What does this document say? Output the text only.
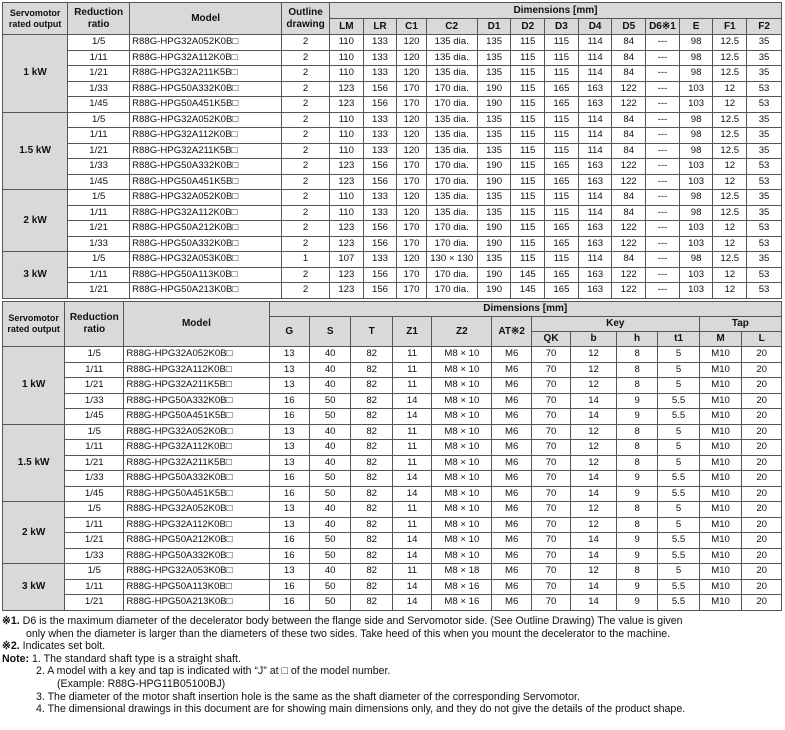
Servomotor
rated output	Reduction
ratio	Model	Outline
drawing	Dimensions [mm]												
				LM	LR	C1	C2	D1	D2	D3	D4	D5	D6※1	E	F1	F2
1 kW	1/5	R88G-HPG32A052K0B□	2	110	133	120	135 dia.	135	115	115	114	84	---	98	12.5	35
	1/11	R88G-HPG32A112K0B□	2	110	133	120	135 dia.	135	115	115	114	84	---	98	12.5	35
	1/21	R88G-HPG32A211K5B□	2	110	133	120	135 dia.	135	115	115	114	84	---	98	12.5	35
	1/33	R88G-HPG50A332K0B□	2	123	156	170	170 dia.	190	115	165	163	122	---	103	12	53
	1/45	R88G-HPG50A451K5B□	2	123	156	170	170 dia.	190	115	165	163	122	---	103	12	53
1.5 kW	1/5	R88G-HPG32A052K0B□	2	110	133	120	135 dia.	135	115	115	114	84	---	98	12.5	35
	1/11	R88G-HPG32A112K0B□	2	110	133	120	135 dia.	135	115	115	114	84	---	98	12.5	35
	1/21	R88G-HPG32A211K5B□	2	110	133	120	135 dia.	135	115	115	114	84	---	98	12.5	35
	1/33	R88G-HPG50A332K0B□	2	123	156	170	170 dia.	190	115	165	163	122	---	103	12	53
	1/45	R88G-HPG50A451K5B□	2	123	156	170	170 dia.	190	115	165	163	122	---	103	12	53
2 kW	1/5	R88G-HPG32A052K0B□	2	110	133	120	135 dia.	135	115	115	114	84	---	98	12.5	35
	1/11	R88G-HPG32A112K0B□	2	110	133	120	135 dia.	135	115	115	114	84	---	98	12.5	35
	1/21	R88G-HPG50A212K0B□	2	123	156	170	170 dia.	190	115	165	163	122	---	103	12	53
	1/33	R88G-HPG50A332K0B□	2	123	156	170	170 dia.	190	115	165	163	122	---	103	12	53
3 kW	1/5	R88G-HPG32A053K0B□	1	107	133	120	130 × 130	135	115	115	114	84	---	98	12.5	35
	1/11	R88G-HPG50A113K0B□	2	123	156	170	170 dia.	190	145	165	163	122	---	103	12	53
	1/21	R88G-HPG50A213K0B□	2	123	156	170	170 dia.	190	145	165	163	122	---	103	12	53
Servomotor
rated output	Reduction
ratio	Model	Dimensions [mm]											
			G	S	T	Z1	Z2	AT※2	Key				Tap	
									QK	b	h	t1	M	L
1 kW	1/5	R88G-HPG32A052K0B□	13	40	82	11	M8 × 10	M6	70	12	8	5	M10	20
	1/11	R88G-HPG32A112K0B□	13	40	82	11	M8 × 10	M6	70	12	8	5	M10	20
	1/21	R88G-HPG32A211K5B□	13	40	82	11	M8 × 10	M6	70	12	8	5	M10	20
	1/33	R88G-HPG50A332K0B□	16	50	82	14	M8 × 10	M6	70	14	9	5.5	M10	20
	1/45	R88G-HPG50A451K5B□	16	50	82	14	M8 × 10	M6	70	14	9	5.5	M10	20
1.5 kW	1/5	R88G-HPG32A052K0B□	13	40	82	11	M8 × 10	M6	70	12	8	5	M10	20
	1/11	R88G-HPG32A112K0B□	13	40	82	11	M8 × 10	M6	70	12	8	5	M10	20
	1/21	R88G-HPG32A211K5B□	13	40	82	11	M8 × 10	M6	70	12	8	5	M10	20
	1/33	R88G-HPG50A332K0B□	16	50	82	14	M8 × 10	M6	70	14	9	5.5	M10	20
	1/45	R88G-HPG50A451K5B□	16	50	82	14	M8 × 10	M6	70	14	9	5.5	M10	20
2 kW	1/5	R88G-HPG32A052K0B□	13	40	82	11	M8 × 10	M6	70	12	8	5	M10	20
	1/11	R88G-HPG32A112K0B□	13	40	82	11	M8 × 10	M6	70	12	8	5	M10	20
	1/21	R88G-HPG50A212K0B□	16	50	82	14	M8 × 10	M6	70	14	9	5.5	M10	20
	1/33	R88G-HPG50A332K0B□	16	50	82	14	M8 × 10	M6	70	14	9	5.5	M10	20
3 kW	1/5	R88G-HPG32A053K0B□	13	40	82	11	M8 × 18	M6	70	12	8	5	M10	20
	1/11	R88G-HPG50A113K0B□	16	50	82	14	M8 × 16	M6	70	14	9	5.5	M10	20
	1/21	R88G-HPG50A213K0B□	16	50	82	14	M8 × 16	M6	70	14	9	5.5	M10	20
※1. D6 is the maximum diameter of the decelerator body between the flange side and Servomotor side. (See Outline Drawing) The value is given
only when the diameter is larger than the diameters of these two sides. Take heed of this when you mount the decelerator to the machine.
※2. Indicates set bolt.
Note: 1. The standard shaft type is a straight shaft.
2. A model with a key and tap is indicated with “J” at □ of the model number.
(Example: R88G-HPG11B05100BJ)
3. The diameter of the motor shaft insertion hole is the same as the shaft diameter of the corresponding Servomotor.
4. The dimensional drawings in this document are for showing main dimensions only, and they do not give the details of the product shape.
